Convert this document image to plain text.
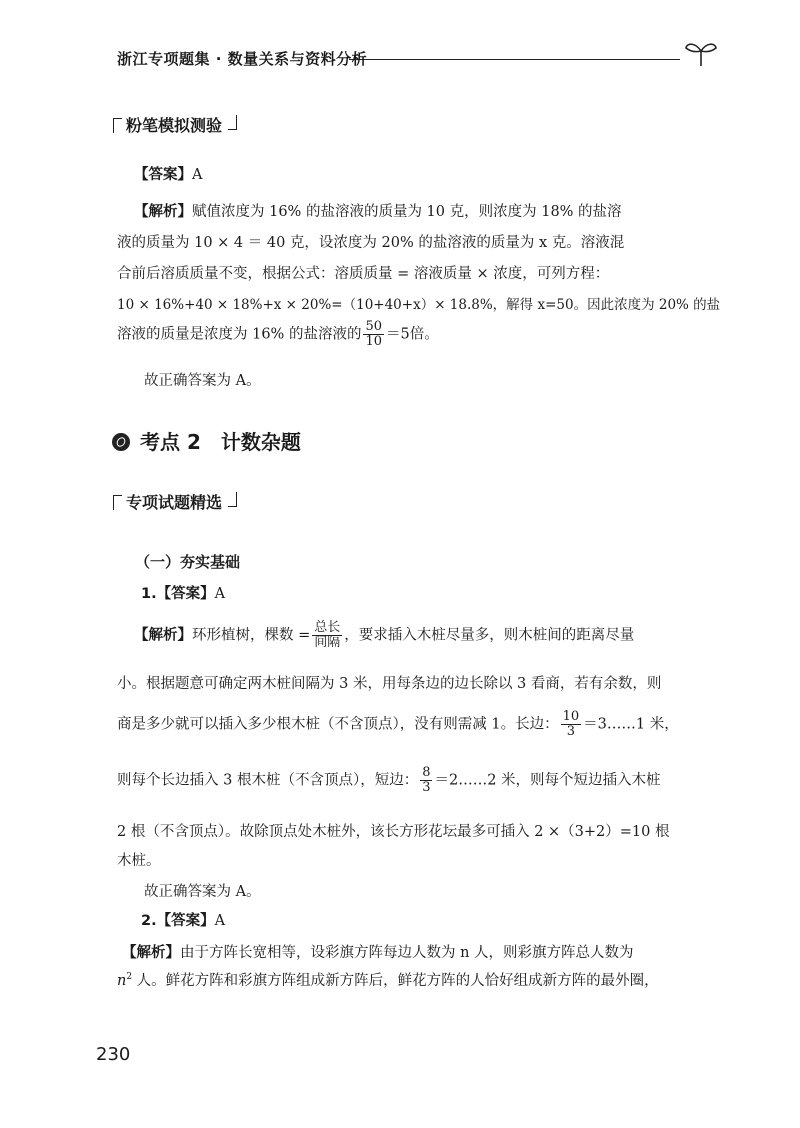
浙江专项题集 · 数量关系与资料分析
粉笔模拟测验
【答案】A
【解析】赋值浓度为 16% 的盐溶液的质量为 10 克，则浓度为 18% 的盐溶
液的质量为 10 × 4 ＝ 40 克，设浓度为 20% 的盐溶液的质量为 x 克。溶液混
合前后溶质质量不变，根据公式：溶质质量 = 溶液质量 × 浓度，可列方程：
10 × 16%+40 × 18%+x × 20%=（10+40+x）× 18.8%，解得 x=50。因此浓度为 20% 的盐
溶液的质量是浓度为 16% 的盐溶液的 $\frac{50}{10} =5$倍。
故正确答案为 A。
考点 2　计数杂题
专项试题精选
（一）夯实基础
1.【答案】A
【解析】环形植树，棵数 = $\frac{\text{总长}}{\text{间隔}}$ ，要求插入木桩尽量多，则木桩间的距离尽量
小。根据题意可确定两木桩间隔为 3 米，用每条边的边长除以 3 看商，若有余数，则
商是多少就可以插入多少根木桩（不含顶点），没有则需减 1。长边： $\frac{10}{3}$ ＝3……1 米，
则每个长边插入 3 根木桩（不含顶点），短边： $\frac{8}{3}$ ＝2……2 米，则每个短边插入木桩
2 根（不含顶点）。故除顶点处木桩外，该长方形花坛最多可插入 2 ×（3+2）=10 根
木桩。
故正确答案为 A。
2.【答案】A
【解析】由于方阵长宽相等，设彩旗方阵每边人数为 n 人，则彩旗方阵总人数为
$n^2$ 人。鲜花方阵和彩旗方阵组成新方阵后，鲜花方阵的人恰好组成新方阵的最外圈，
230
